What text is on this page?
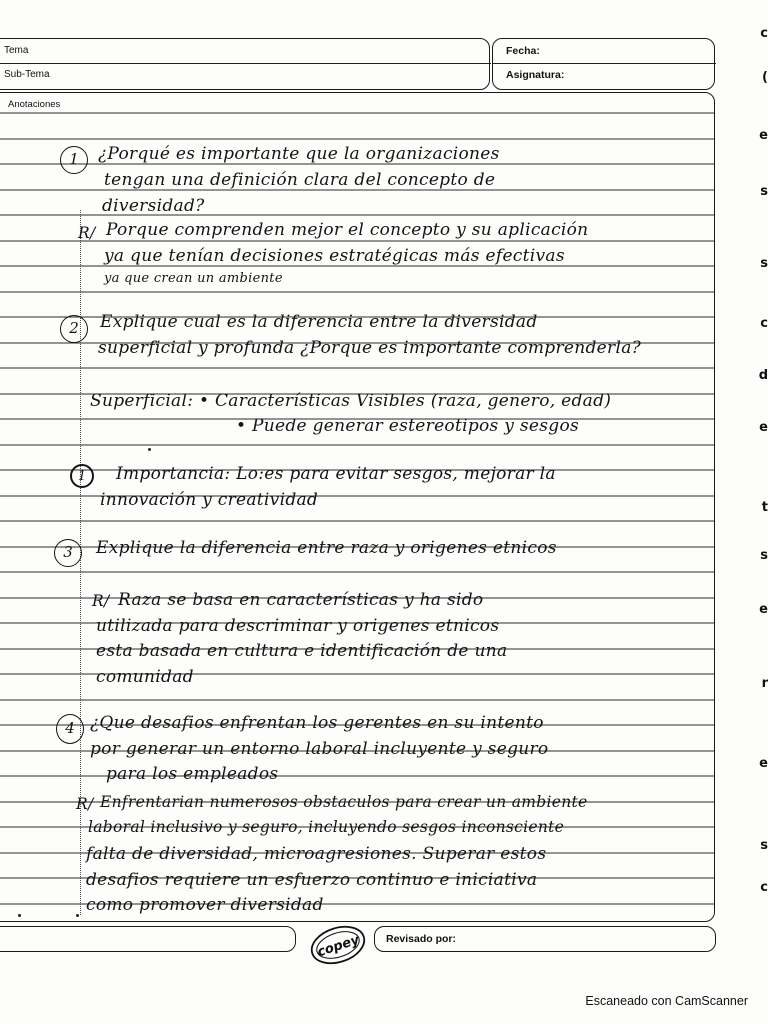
Tema
Sub-Tema
Fecha:
Asignatura:
Anotaciones
1	¿Porqué es importante que la organizaciones
tengan una definición clara del concepto de
diversidad?
R/ Porque comprenden mejor el concepto y su aplicación
ya que tenían decisiones estratégicas más efectivas
ya que crean un ambiente
2	Explique cual es la diferencia entre la diversidad
superficial y profunda ¿Porque es importante comprenderla?
Superficial: • Características Visibles (raza, genero, edad)
• Puede generar estereotipos y sesgos
1	Importancia: Lo:es para evitar sesgos, mejorar la
innovación y creatividad
3	Explique la diferencia entre raza y origenes etnicos
R/ Raza se basa en características y ha sido
utilizada para descriminar y origenes etnicos
esta basada en cultura e identificación de una
comunidad
4 ¿Que desafios enfrentan los gerentes en su intento
por generar un entorno laboral incluyente y seguro
para los empleados
R/ Enfrentarian numerosos obstaculos para crear un ambiente
laboral inclusivo y seguro, incluyendo sesgos inconsciente
falta de diversidad, microagresiones. Superar estos
desafios requiere un esfuerzo continuo e iniciativa
como promover diversidad
copey Revisado por:
c
(
e
s
s
c
d
e
t
s
e
r
e
s
c
Escaneado con CamScanner
